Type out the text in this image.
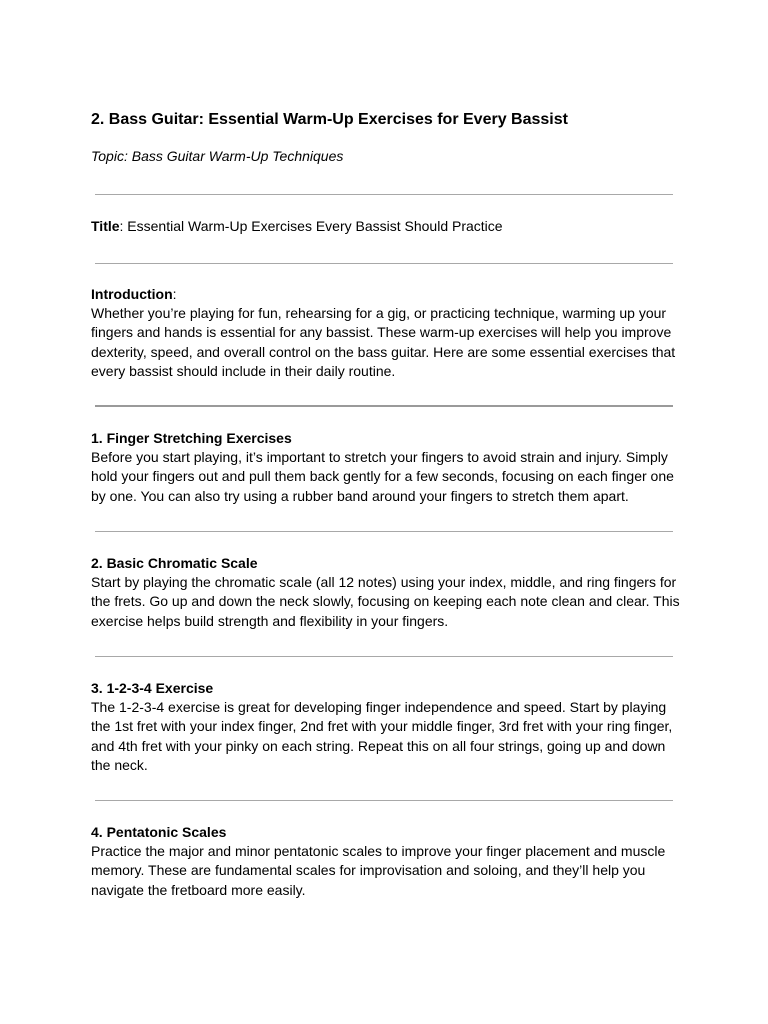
2. Bass Guitar: Essential Warm-Up Exercises for Every Bassist

Topic: Bass Guitar Warm-Up Techniques

Title: Essential Warm-Up Exercises Every Bassist Should Practice

Introduction:
Whether you’re playing for fun, rehearsing for a gig, or practicing technique, warming up your fingers and hands is essential for any bassist. These warm-up exercises will help you improve dexterity, speed, and overall control on the bass guitar. Here are some essential exercises that every bassist should include in their daily routine.
1. Finger Stretching Exercises
Before you start playing, it’s important to stretch your fingers to avoid strain and injury. Simply hold your fingers out and pull them back gently for a few seconds, focusing on each finger one by one. You can also try using a rubber band around your fingers to stretch them apart.
2. Basic Chromatic Scale
Start by playing the chromatic scale (all 12 notes) using your index, middle, and ring fingers for the frets. Go up and down the neck slowly, focusing on keeping each note clean and clear. This exercise helps build strength and flexibility in your fingers.
3. 1-2-3-4 Exercise
The 1-2-3-4 exercise is great for developing finger independence and speed. Start by playing the 1st fret with your index finger, 2nd fret with your middle finger, 3rd fret with your ring finger, and 4th fret with your pinky on each string. Repeat this on all four strings, going up and down the neck.
4. Pentatonic Scales
Practice the major and minor pentatonic scales to improve your finger placement and muscle memory. These are fundamental scales for improvisation and soloing, and they’ll help you navigate the fretboard more easily.
